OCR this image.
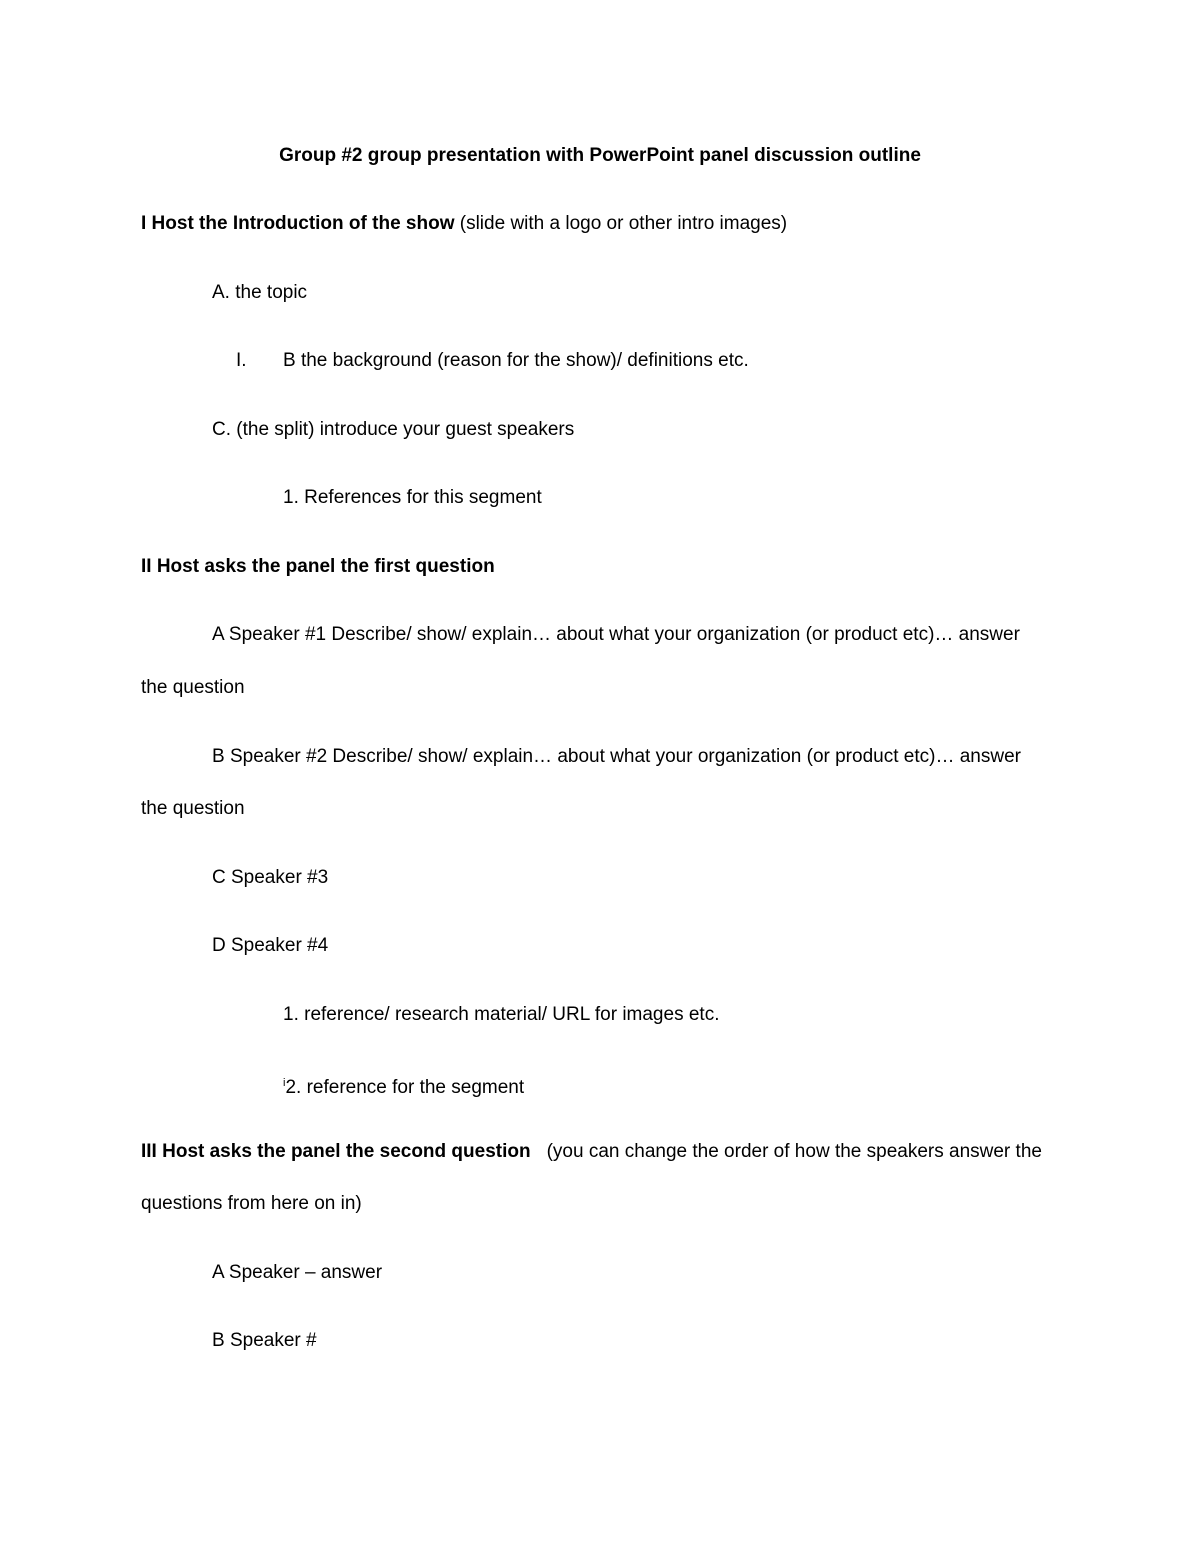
Group #2 group presentation with PowerPoint panel discussion outline
I Host the Introduction of the show (slide with a logo or other intro images)
A. the topic
I. B the background (reason for the show)/ definitions etc.
C. (the split) introduce your guest speakers
1. References for this segment
II Host asks the panel the first question
A Speaker #1 Describe/ show/ explain… about what your organization (or product etc)… answer
the question
B Speaker #2 Describe/ show/ explain… about what your organization (or product etc)… answer
the question
C Speaker #3
D Speaker #4
1. reference/ research material/ URL for images etc.
$^i$2. reference for the segment
III Host asks the panel the second question (you can change the order of how the speakers answer the
questions from here on in)
A Speaker – answer
B Speaker #
